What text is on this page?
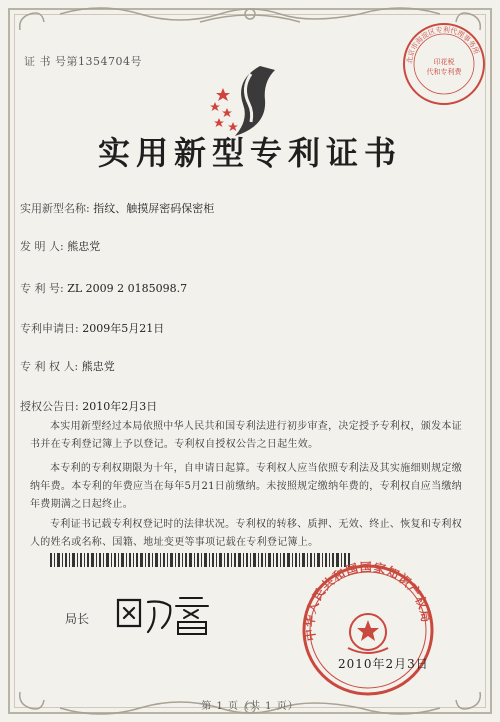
证 书 号第1354704号	北京市海淀区专利代理事务所
印花税
代和专利费
实用新型专利证书
实用新型名称: 指纹、触摸屏密码保密柜
发 明 人: 熊忠党
专 利 号: ZL 2009 2 0185098.7
专利申请日: 2009年5月21日
专 利 权 人: 熊忠党
授权公告日: 2010年2月3日
本实用新型经过本局依照中华人民共和国专利法进行初步审查，决定授予专利权，颁发本证书并在专利登记簿上予以登记。专利权自授权公告之日起生效。
本专利的专利权期限为十年，自申请日起算。专利权人应当依照专利法及其实施细则规定缴纳年费。本专利的年费应当在每年5月21日前缴纳。未按照规定缴纳年费的，专利权自应当缴纳年费期满之日起终止。
专利证书记载专利权登记时的法律状况。专利权的转移、质押、无效、终止、恢复和专利权人的姓名或名称、国籍、地址变更等事项记载在专利登记簿上。
局长
中华人民共和国国家知识产权局
2010年2月3日
第 1 页（共 1 页）
